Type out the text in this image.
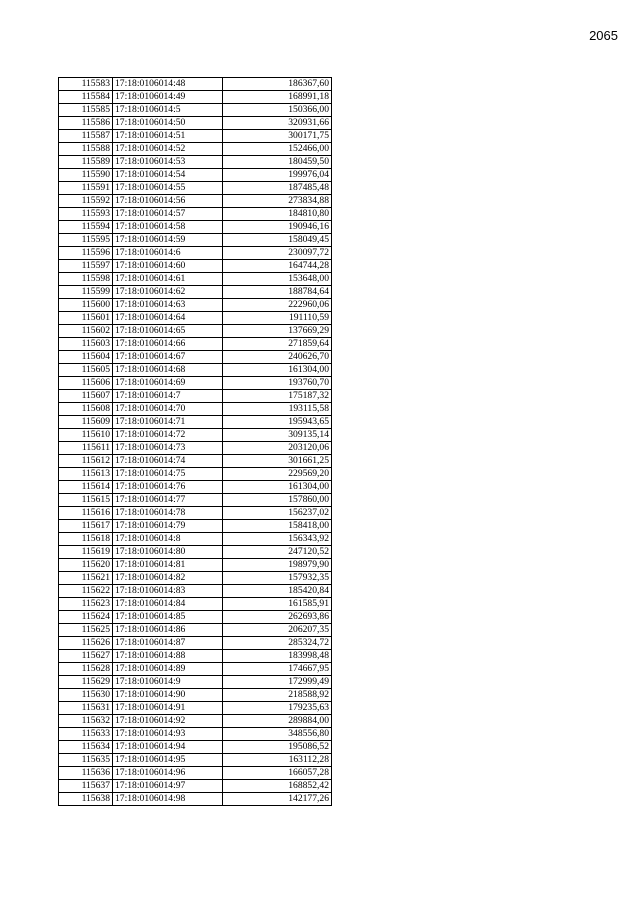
2065
115583	17:18:0106014:48	186367,60
115584	17:18:0106014:49	168991,18
115585	17:18:0106014:5	150366,00
115586	17:18:0106014:50	320931,66
115587	17:18:0106014:51	300171,75
115588	17:18:0106014:52	152466,00
115589	17:18:0106014:53	180459,50
115590	17:18:0106014:54	199976,04
115591	17:18:0106014:55	187485,48
115592	17:18:0106014:56	273834,88
115593	17:18:0106014:57	184810,80
115594	17:18:0106014:58	190946,16
115595	17:18:0106014:59	158049,45
115596	17:18:0106014:6	230097,72
115597	17:18:0106014:60	164744,28
115598	17:18:0106014:61	153648,00
115599	17:18:0106014:62	188784,64
115600	17:18:0106014:63	222960,06
115601	17:18:0106014:64	191110,59
115602	17:18:0106014:65	137669,29
115603	17:18:0106014:66	271859,64
115604	17:18:0106014:67	240626,70
115605	17:18:0106014:68	161304,00
115606	17:18:0106014:69	193760,70
115607	17:18:0106014:7	175187,32
115608	17:18:0106014:70	193115,58
115609	17:18:0106014:71	195943,65
115610	17:18:0106014:72	309135,14
115611	17:18:0106014:73	203120,06
115612	17:18:0106014:74	301661,25
115613	17:18:0106014:75	229569,20
115614	17:18:0106014:76	161304,00
115615	17:18:0106014:77	157860,00
115616	17:18:0106014:78	156237,02
115617	17:18:0106014:79	158418,00
115618	17:18:0106014:8	156343,92
115619	17:18:0106014:80	247120,52
115620	17:18:0106014:81	198979,90
115621	17:18:0106014:82	157932,35
115622	17:18:0106014:83	185420,84
115623	17:18:0106014:84	161585,91
115624	17:18:0106014:85	262693,86
115625	17:18:0106014:86	206207,35
115626	17:18:0106014:87	285324,72
115627	17:18:0106014:88	183998,48
115628	17:18:0106014:89	174667,95
115629	17:18:0106014:9	172999,49
115630	17:18:0106014:90	218588,92
115631	17:18:0106014:91	179235,63
115632	17:18:0106014:92	289884,00
115633	17:18:0106014:93	348556,80
115634	17:18:0106014:94	195086,52
115635	17:18:0106014:95	163112,28
115636	17:18:0106014:96	166057,28
115637	17:18:0106014:97	168852,42
115638	17:18:0106014:98	142177,26
